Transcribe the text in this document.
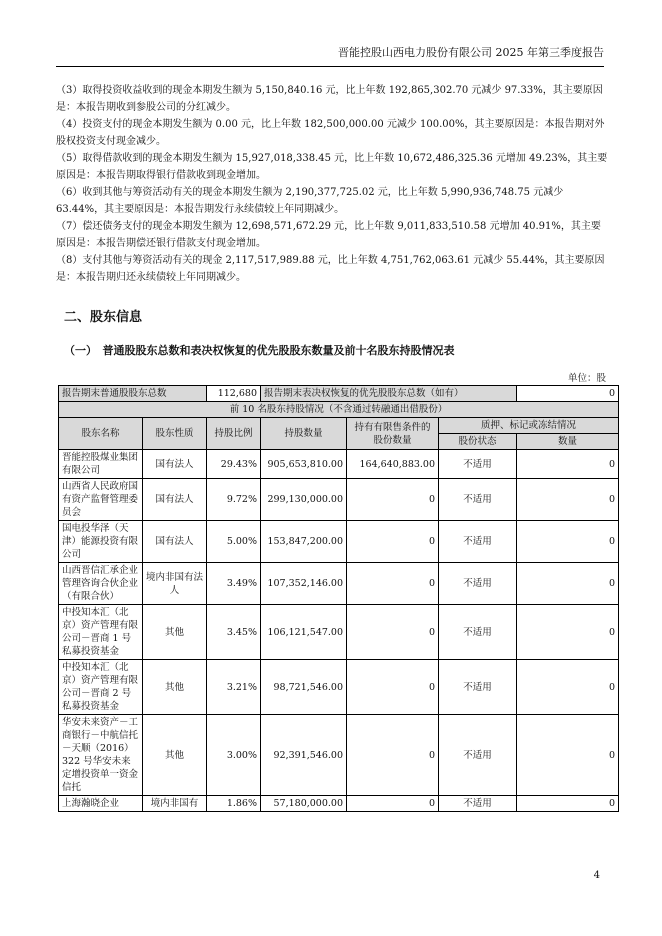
晋能控股山西电力股份有限公司 2025 年第三季度报告

（3）取得投资收益收到的现金本期发生额为 5,150,840.16 元，比上年数 192,865,302.70 元减少 97.33%，其主要原因是：本报告期收到参股公司的分红减少。

（4）投资支付的现金本期发生额为 0.00 元，比上年数 182,500,000.00 元减少 100.00%，其主要原因是：本报告期对外股权投资支付现金减少。

（5）取得借款收到的现金本期发生额为 15,927,018,338.45 元，比上年数 10,672,486,325.36 元增加 49.23%，其主要原因是：本报告期取得银行借款收到现金增加。

（6）收到其他与筹资活动有关的现金本期发生额为 2,190,377,725.02 元，比上年数 5,990,936,748.75 元减少 63.44%，其主要原因是：本报告期发行永续债较上年同期减少。

（7）偿还债务支付的现金本期发生额为 12,698,571,672.29 元，比上年数 9,011,833,510.58 元增加 40.91%，其主要原因是：本报告期偿还银行借款支付现金增加。

（8）支付其他与筹资活动有关的现金 2,117,517,989.88 元，比上年数 4,751,762,063.61 元减少 55.44%，其主要原因是：本报告期归还永续债较上年同期减少。

二、股东信息
（一）　普通股股东总数和表决权恢复的优先股股东数量及前十名股东持股情况表
单位：股
报告期末普通股股东总数		112,680	报告期末表决权恢复的优先股股东总数（如有）			0
前 10 名股东持股情况（不含通过转融通出借股份）						
股东名称	股东性质	持股比例	持股数量	持有有限售条件的股份数量	质押、标记或冻结情况	
					股份状态	数量
晋能控股煤业集团有限公司	国有法人	29.43%	905,653,810.00	164,640,883.00	不适用	0
山西省人民政府国有资产监督管理委员会	国有法人	9.72%	299,130,000.00	0	不适用	0
国电投华泽（天津）能源投资有限公司	国有法人	5.00%	153,847,200.00	0	不适用	0
山西晋信汇承企业管理咨询合伙企业（有限合伙）	境内非国有法人	3.49%	107,352,146.00	0	不适用	0
中投知本汇（北京）资产管理有限公司－晋商 1 号私募投资基金	其他	3.45%	106,121,547.00	0	不适用	0
中投知本汇（北京）资产管理有限公司－晋商 2 号私募投资基金	其他	3.21%	98,721,546.00	0	不适用	0
华安未来资产－工商银行－中航信托－天顺（2016）322 号华安未来定增投资单一资金信托	其他	3.00%	92,391,546.00	0	不适用	0
上海瀚晓企业	境内非国有	1.86%	57,180,000.00	0	不适用	0
4
